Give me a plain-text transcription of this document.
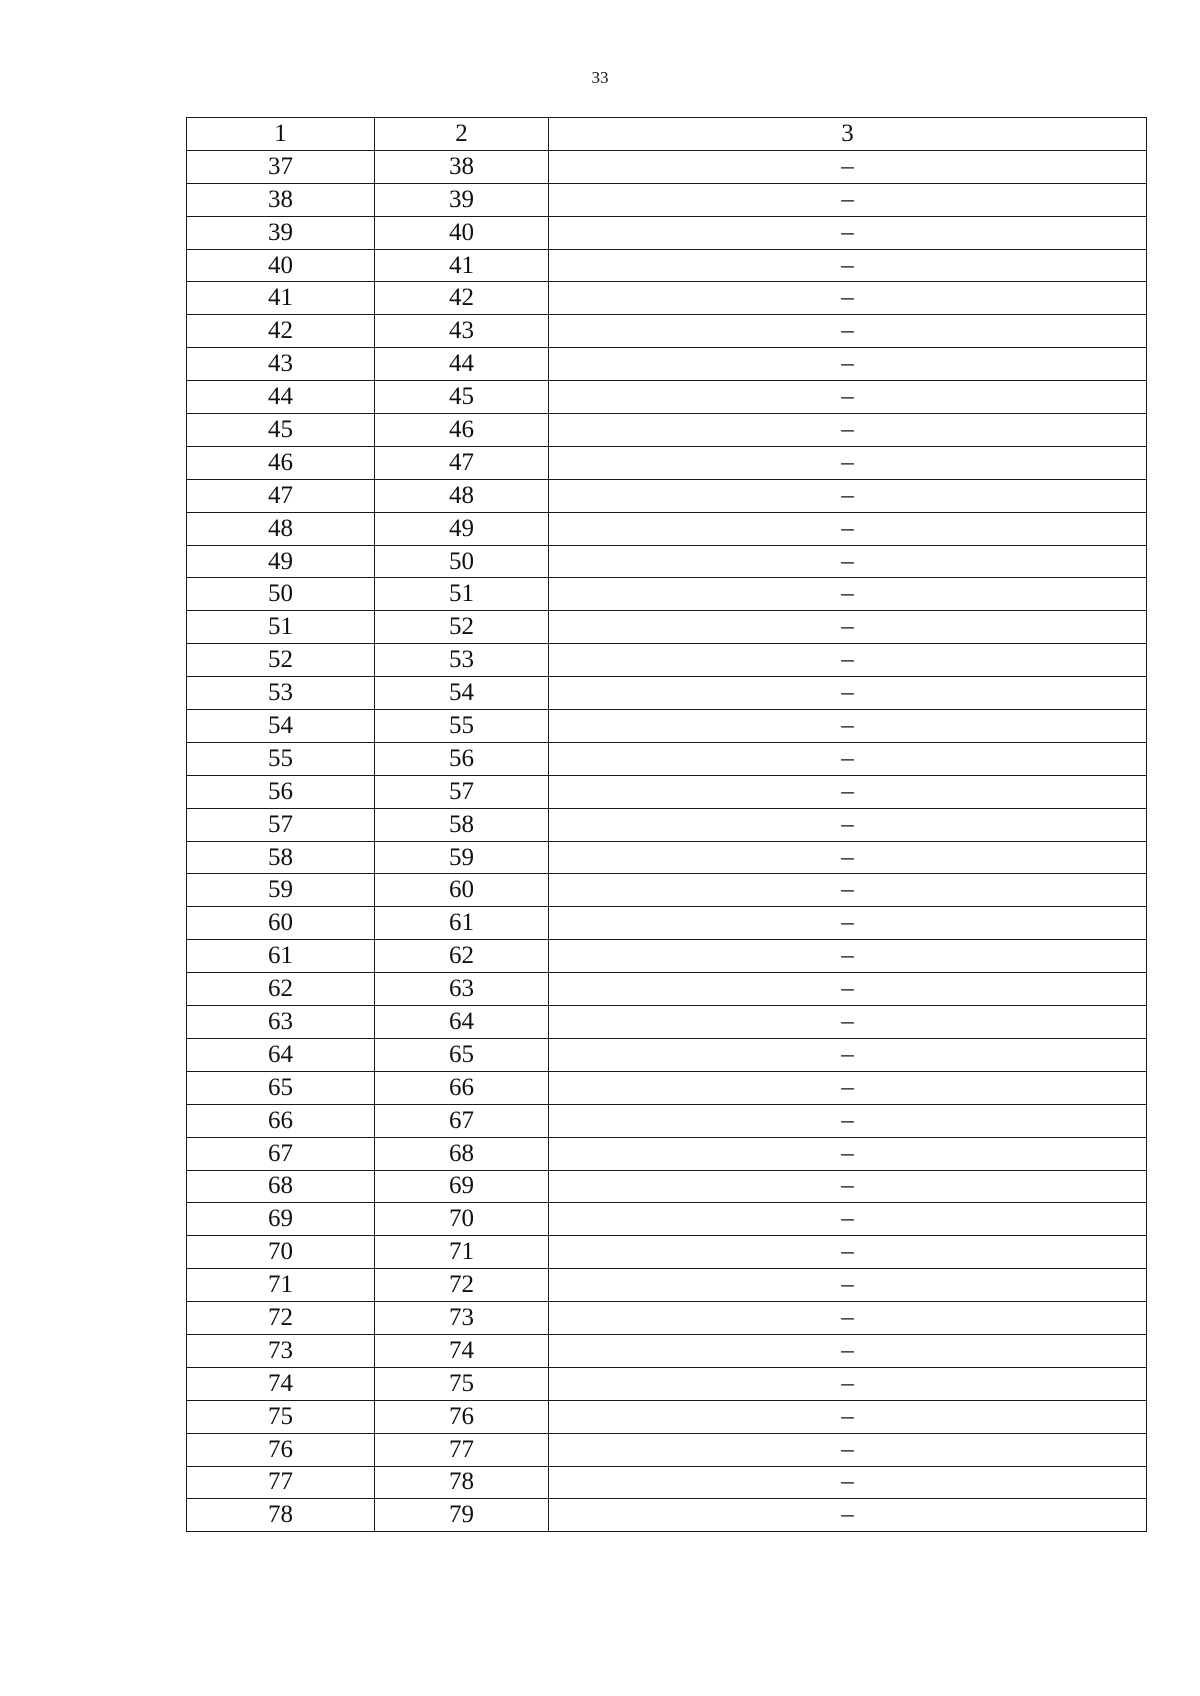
33
1	2	3
37	38	–
38	39	–
39	40	–
40	41	–
41	42	–
42	43	–
43	44	–
44	45	–
45	46	–
46	47	–
47	48	–
48	49	–
49	50	–
50	51	–
51	52	–
52	53	–
53	54	–
54	55	–
55	56	–
56	57	–
57	58	–
58	59	–
59	60	–
60	61	–
61	62	–
62	63	–
63	64	–
64	65	–
65	66	–
66	67	–
67	68	–
68	69	–
69	70	–
70	71	–
71	72	–
72	73	–
73	74	–
74	75	–
75	76	–
76	77	–
77	78	–
78	79	–
